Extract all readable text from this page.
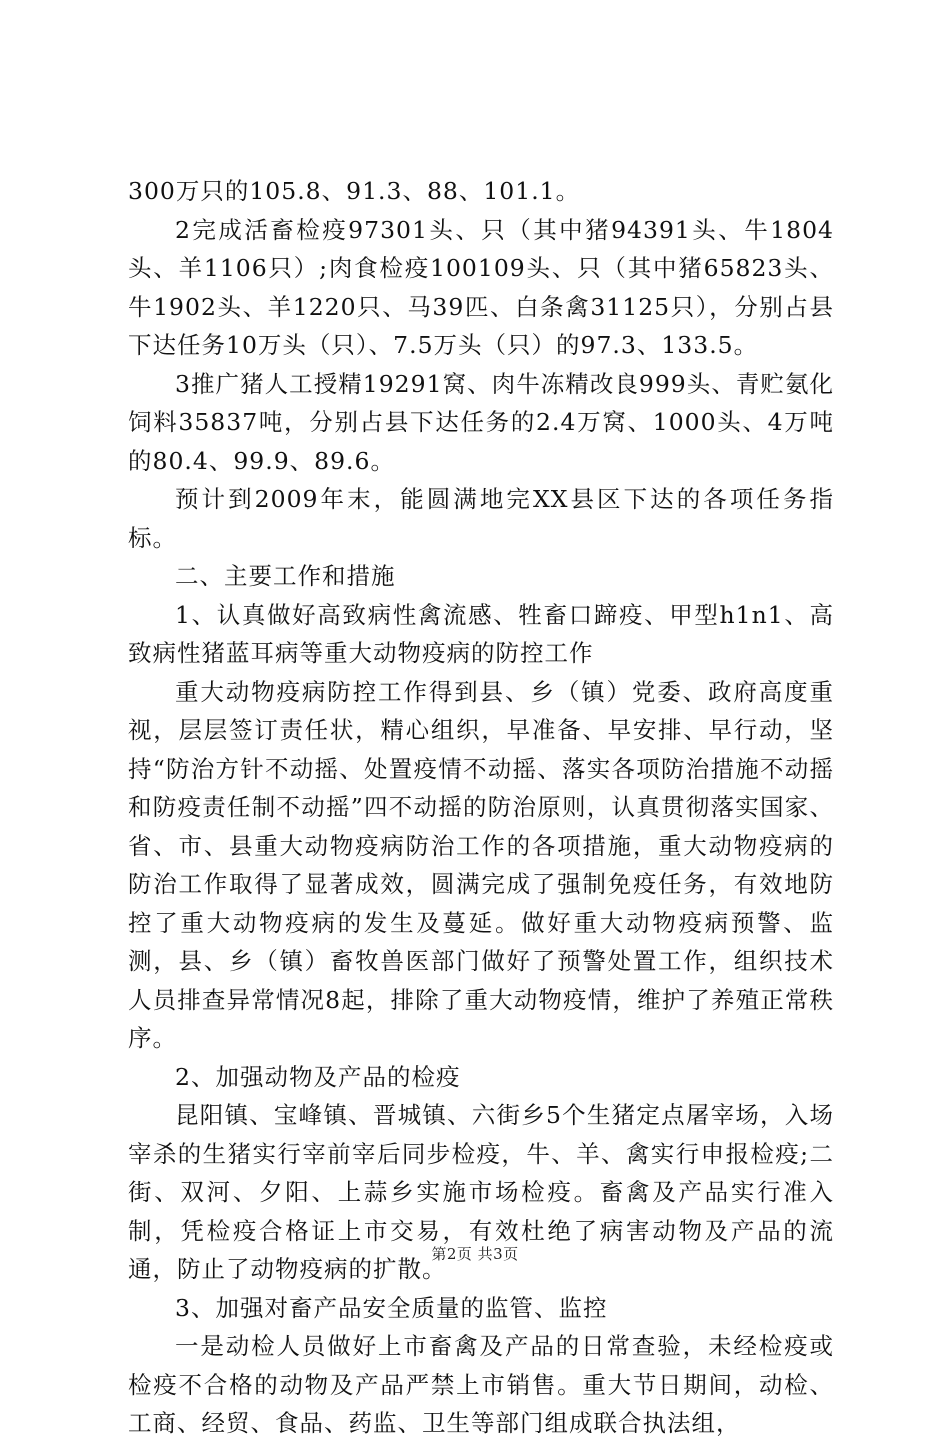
300万只的105.8、91.3、88、101.1。

2完成活畜检疫97301头、只（其中猪94391头、牛1804头、羊1106只）;肉食检疫100109头、只（其中猪65823头、牛1902头、羊1220只、马39匹、白条禽31125只），分别占县下达任务10万头（只）、7.5万头（只）的97.3、133.5。

3推广猪人工授精19291窝、肉牛冻精改良999头、青贮氨化饲料35837吨，分别占县下达任务的2.4万窝、1000头、4万吨的80.4、99.9、89.6。

预计到2009年末，能圆满地完XX县区下达的各项任务指标。

二、主要工作和措施

1、认真做好高致病性禽流感、牲畜口蹄疫、甲型h1n1、高致病性猪蓝耳病等重大动物疫病的防控工作

重大动物疫病防控工作得到县、乡（镇）党委、政府高度重视，层层签订责任状，精心组织，早准备、早安排、早行动，坚持“防治方针不动摇、处置疫情不动摇、落实各项防治措施不动摇和防疫责任制不动摇”四不动摇的防治原则，认真贯彻落实国家、省、市、县重大动物疫病防治工作的各项措施，重大动物疫病的防治工作取得了显著成效，圆满完成了强制免疫任务，有效地防控了重大动物疫病的发生及蔓延。做好重大动物疫病预警、监测，县、乡（镇）畜牧兽医部门做好了预警处置工作，组织技术人员排查异常情况8起，排除了重大动物疫情，维护了养殖正常秩序。

2、加强动物及产品的检疫

昆阳镇、宝峰镇、晋城镇、六街乡5个生猪定点屠宰场，入场宰杀的生猪实行宰前宰后同步检疫，牛、羊、禽实行申报检疫;二街、双河、夕阳、上蒜乡实施市场检疫。畜禽及产品实行准入制，凭检疫合格证上市交易，有效杜绝了病害动物及产品的流通，防止了动物疫病的扩散。

3、加强对畜产品安全质量的监管、监控

一是动检人员做好上市畜禽及产品的日常查验，未经检疫或检疫不合格的动物及产品严禁上市销售。重大节日期间，动检、工商、经贸、食品、药监、卫生等部门组成联合执法组，

第2页 共3页
